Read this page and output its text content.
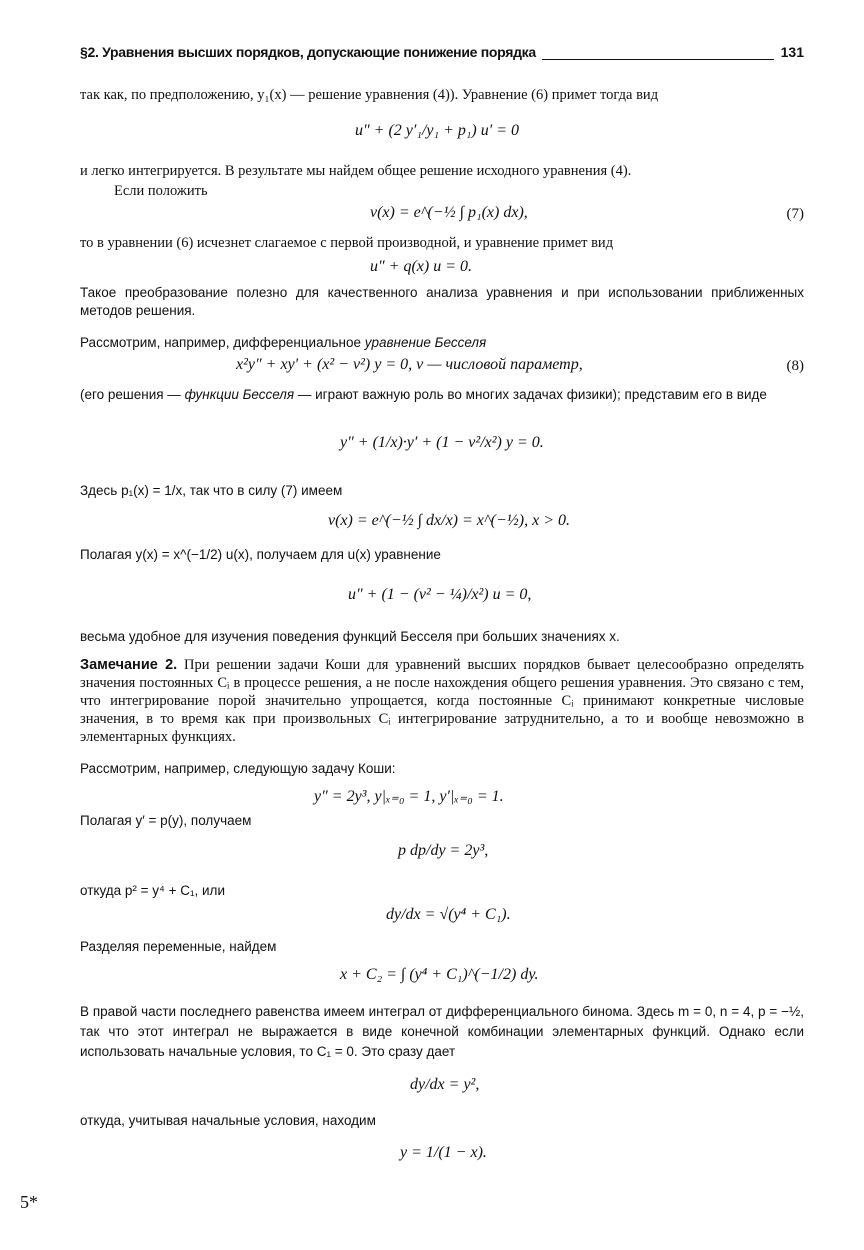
§2. Уравнения высших порядков, допускающие понижение порядка	131
так как, по предположению, y₁(x) — решение уравнения (4)). Уравнение (6) примет тогда вид
u″ + (2 y′₁/y₁ + p₁) u′ = 0
и легко интегрируется. В результате мы найдем общее решение исходного уравнения (4).
Если положить
v(x) = e^(−½ ∫ p₁(x) dx),	(7)
то в уравнении (6) исчезнет слагаемое с первой производной, и уравнение примет вид
u″ + q(x) u = 0.
Такое преобразование полезно для качественного анализа уравнения и при использовании приближенных методов решения.
Рассмотрим, например, дифференциальное уравнение Бесселя
x²y″ + xy′ + (x² − ν²) y = 0, ν — числовой параметр,	(8)
(его решения — функции Бесселя — играют важную роль во многих задачах физики); представим его в виде
y″ + (1/x)·y′ + (1 − ν²/x²) y = 0.
Здесь p₁(x) = 1/x, так что в силу (7) имеем
v(x) = e^(−½ ∫ dx/x) = x^(−½), x > 0.
Полагая y(x) = x^(−1/2) u(x), получаем для u(x) уравнение
u″ + (1 − (ν² − ¼)/x²) u = 0,
весьма удобное для изучения поведения функций Бесселя при больших значениях x.
Замечание 2. При решении задачи Коши для уравнений высших порядков бывает целесообразно определять значения постоянных Cᵢ в процессе решения, а не после нахождения общего решения уравнения. Это связано с тем, что интегрирование порой значительно упрощается, когда постоянные Cᵢ принимают конкретные числовые значения, в то время как при произвольных Cᵢ интегрирование затруднительно, а то и вообще невозможно в элементарных функциях.
Рассмотрим, например, следующую задачу Коши:
y″ = 2y³, y|ₓ₌₀ = 1, y′|ₓ₌₀ = 1.
Полагая y′ = p(y), получаем
p dp/dy = 2y³,
откуда p² = y⁴ + C₁, или
dy/dx = √(y⁴ + C₁).
Разделяя переменные, найдем
x + C₂ = ∫ (y⁴ + C₁)^(−1/2) dy.
В правой части последнего равенства имеем интеграл от дифференциального бинома. Здесь m = 0, n = 4, p = −½, так что этот интеграл не выражается в виде конечной комбинации элементарных функций. Однако если использовать начальные условия, то C₁ = 0. Это сразу дает
dy/dx = y²,
откуда, учитывая начальные условия, находим
y = 1/(1 − x).
5*
